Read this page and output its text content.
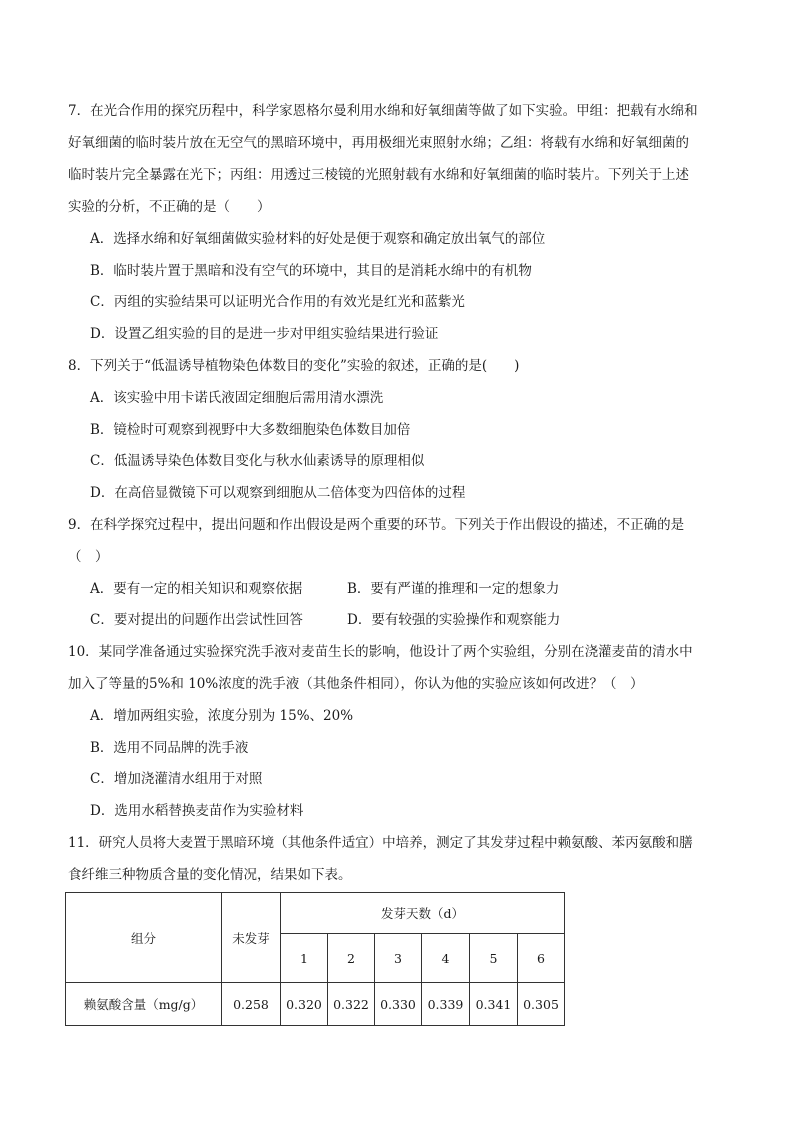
7．在光合作用的探究历程中，科学家恩格尔曼利用水绵和好氧细菌等做了如下实验。甲组：把载有水绵和
好氧细菌的临时装片放在无空气的黑暗环境中，再用极细光束照射水绵；乙组：将载有水绵和好氧细菌的
临时装片完全暴露在光下；丙组：用透过三棱镜的光照射载有水绵和好氧细菌的临时装片。下列关于上述
实验的分析，不正确的是（　　）
A．选择水绵和好氧细菌做实验材料的好处是便于观察和确定放出氧气的部位
B．临时装片置于黑暗和没有空气的环境中，其目的是消耗水绵中的有机物
C．丙组的实验结果可以证明光合作用的有效光是红光和蓝紫光
D．设置乙组实验的目的是进一步对甲组实验结果进行验证
8．下列关于“低温诱导植物染色体数目的变化”实验的叙述，正确的是(　　)
A．该实验中用卡诺氏液固定细胞后需用清水漂洗
B．镜检时可观察到视野中大多数细胞染色体数目加倍
C．低温诱导染色体数目变化与秋水仙素诱导的原理相似
D．在高倍显微镜下可以观察到细胞从二倍体变为四倍体的过程
9．在科学探究过程中，提出问题和作出假设是两个重要的环节。下列关于作出假设的描述，不正确的是
（　）
A．要有一定的相关知识和观察依据	B．要有严谨的推理和一定的想象力
C．要对提出的问题作出尝试性回答	D．要有较强的实验操作和观察能力
10．某同学准备通过实验探究洗手液对麦苗生长的影响，他设计了两个实验组，分别在浇灌麦苗的清水中
加入了等量的5%和 10%浓度的洗手液（其他条件相同），你认为他的实验应该如何改进？（　）
A．增加两组实验，浓度分别为 15%、20%
B．选用不同品牌的洗手液
C．增加浇灌清水组用于对照
D．选用水稻替换麦苗作为实验材料
11．研究人员将大麦置于黑暗环境（其他条件适宜）中培养，测定了其发芽过程中赖氨酸、苯丙氨酸和膳
食纤维三种物质含量的变化情况，结果如下表。
组分	未发芽	发芽天数（d）					
		1	2	3	4	5	6
赖氨酸含量（mg/g）	0.258	0.320	0.322	0.330	0.339	0.341	0.305
